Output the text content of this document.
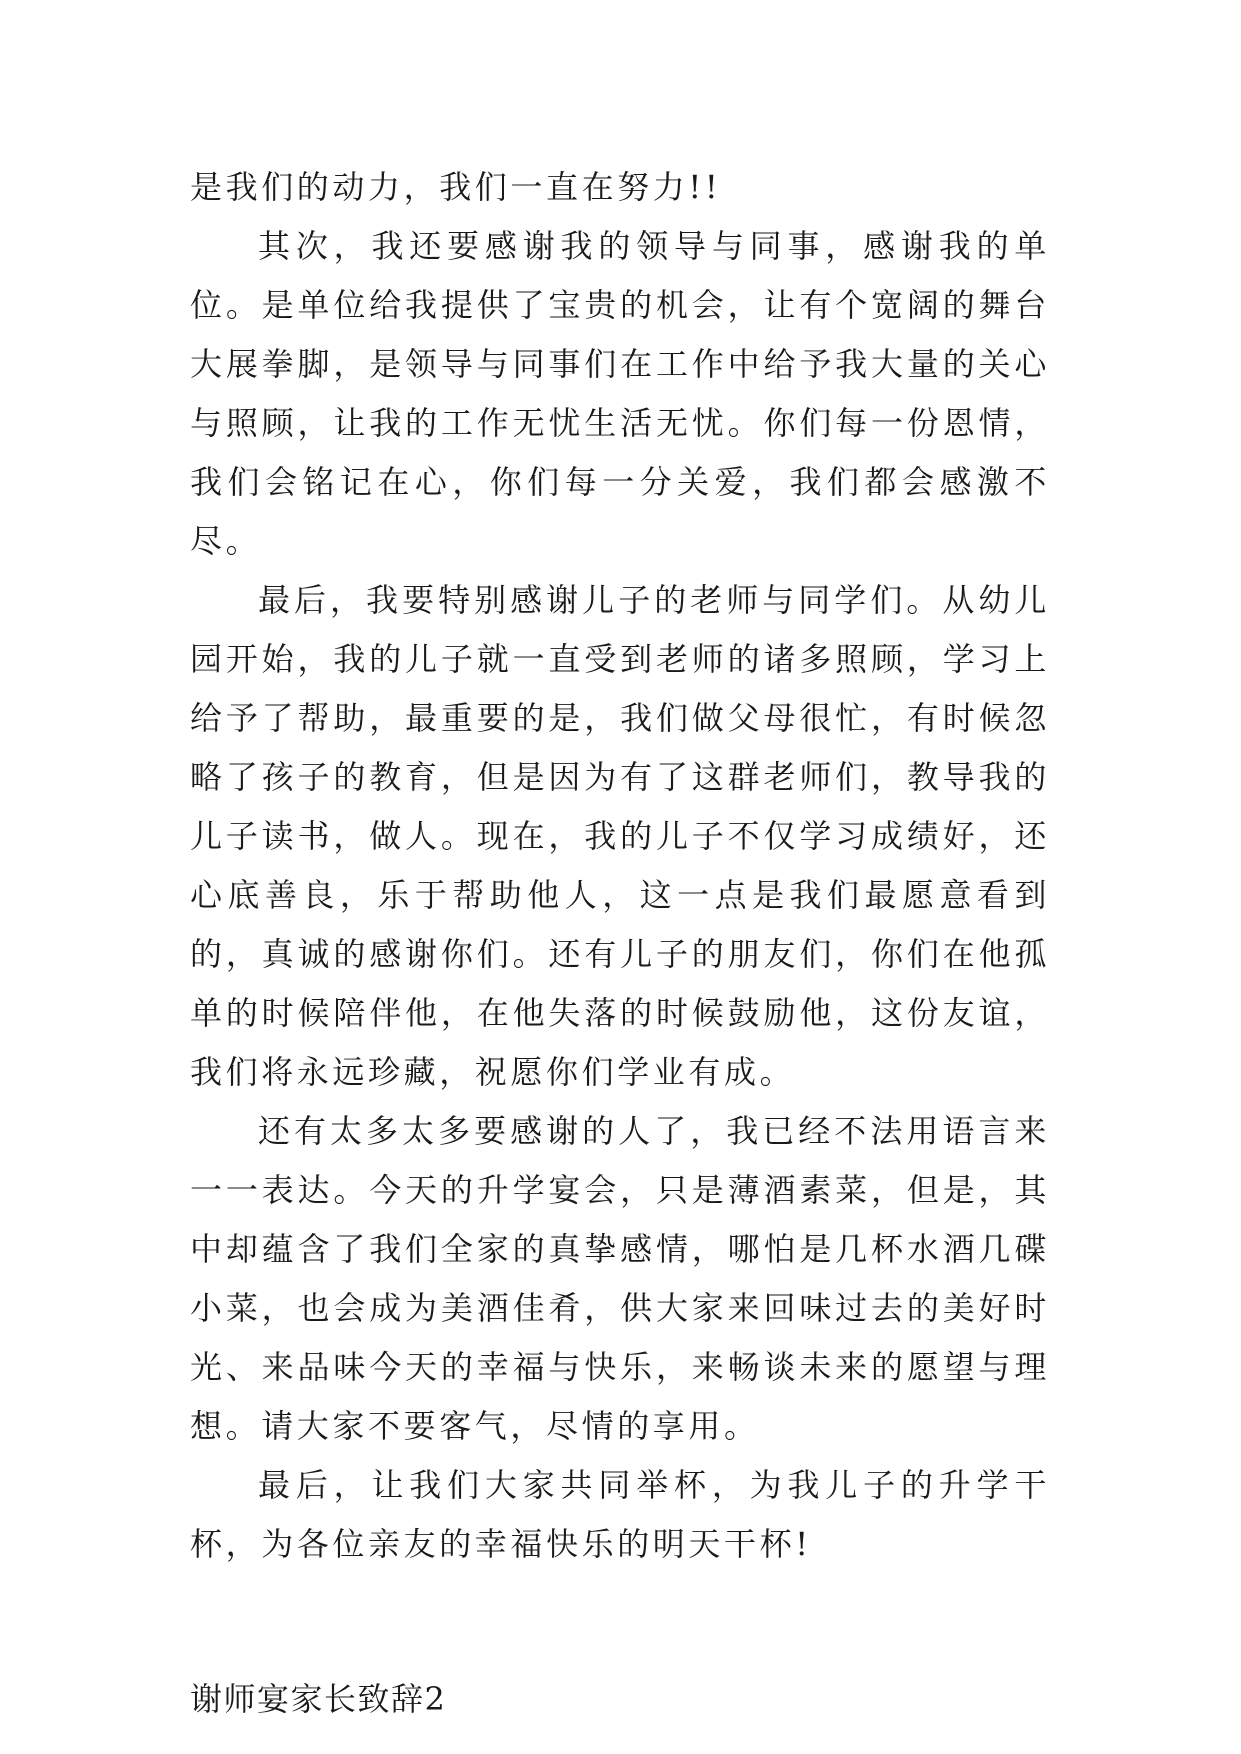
是我们的动力，我们一直在努力!!

其次，我还要感谢我的领导与同事，感谢我的单位。是单位给我提供了宝贵的机会，让有个宽阔的舞台大展拳脚，是领导与同事们在工作中给予我大量的关心与照顾，让我的工作无忧生活无忧。你们每一份恩情，我们会铭记在心，你们每一分关爱，我们都会感激不尽。

最后，我要特别感谢儿子的老师与同学们。从幼儿园开始，我的儿子就一直受到老师的诸多照顾，学习上给予了帮助，最重要的是，我们做父母很忙，有时候忽略了孩子的教育，但是因为有了这群老师们，教导我的儿子读书，做人。现在，我的儿子不仅学习成绩好，还心底善良，乐于帮助他人，这一点是我们最愿意看到的，真诚的感谢你们。还有儿子的朋友们，你们在他孤单的时候陪伴他，在他失落的时候鼓励他，这份友谊，我们将永远珍藏，祝愿你们学业有成。

还有太多太多要感谢的人了，我已经不法用语言来一一表达。今天的升学宴会，只是薄酒素菜，但是，其中却蕴含了我们全家的真挚感情，哪怕是几杯水酒几碟小菜，也会成为美酒佳肴，供大家来回味过去的美好时光、来品味今天的幸福与快乐，来畅谈未来的愿望与理想。请大家不要客气，尽情的享用。

最后，让我们大家共同举杯，为我儿子的升学干杯，为各位亲友的幸福快乐的明天干杯!

谢师宴家长致辞2
